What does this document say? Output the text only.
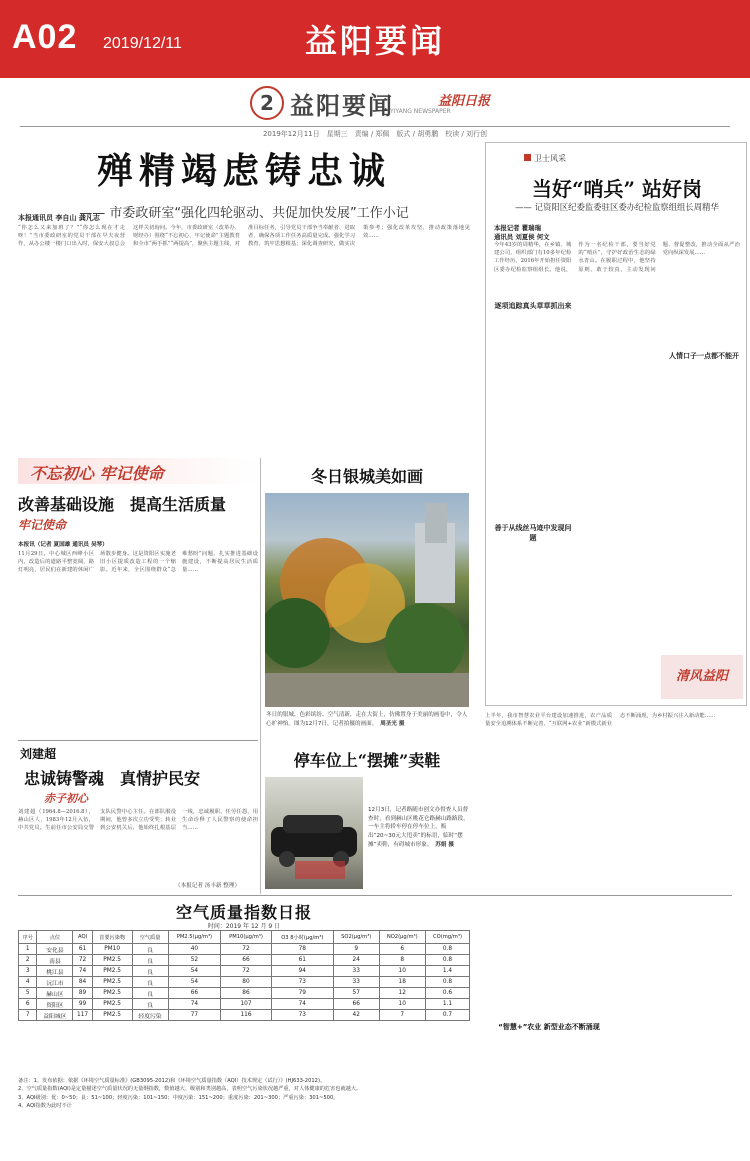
A02 2019/12/11	益阳要闻
2 益阳要闻
YIYANG NEWSPAPER
益阳日报
2019年12月11日　星期三　责编 / 郑佩　版式 / 胡勇鹏　校读 / 刘行创
殚精竭虑铸忠诚
—— 市委政研室“强化四轮驱动、共促加快发展”工作小记
本报通讯员 李自山 龚凡志
“你怎么又来加班了？”“你怎么现在才走呀！”当市委政研室的党员干部在早夫夜营作，从办公楼一楼门口出入时，保安大叔总会这样关切询问。今年，市委政研室（改革办、财经办）围绕“不忘初心、牢记使命”主题教育和全市“两手抓”“两提高”，聚焦主题主线，对准目标任务，引导党员干部争当奉献者、进取者，确保各项工作任务高质量完成。强化学习教育，筑牢思想根基；深化调查研究，做实决策参考；强化改革攻坚，推动政策落地见效……
卫士风采
当好“哨兵” 站好岗
—— 记资阳区纪委监委驻区委办纪检监察组组长周精华
本报记者 瞿瑞瑞
通讯员 刘夏侯 何文
今年43岁的周精华，在乡镇、城建公司、组织部门有10多年纪检工作经历，2016年开始担任资阳区委办纪检监察组组长。他说，作为一名纪检干部，要当好党的“哨兵”，守护好政治生态的绿水青山。在履职过程中，他坚持原则、敢于较真，主动发现问题、督促整改，推动全面从严治党向纵深发展……
逐项追踪真头草草抓出来
善于从线丝马迹中发现问题
人情口子一点都不能开
清风益阳
不忘初心 牢记使命
改善基础设施　提高生活质量
牢记使命
本报讯（记者 夏国雄 通讯员 吴琴）
11月29日，中心城区西峰小区内，改造后的道路平整宽阔，路灯明亮，居民们在新建的休闲广场散步健身。这是资阳区实施老旧小区提质改造工程的一个缩影。近年来，全区围绕群众“急难愁盼”问题，扎实推进基础设施建设，不断提高居民生活质量……
刘建超
忠诚铸警魂　真情护民安
赤子初心
刘建超（1964.8—2016.8），赫山区人，1983年12月入伍，中共党员。生前任市公安局交警支队民警中心主任。在部队服役期间，他曾多次立功受奖；转业到公安机关后，他始终扎根基层一线，忠诚履职、任劳任怨，用生命诠释了人民警察的使命担当……
（本报记者 汤丰新 整理）
冬日银城美如画
冬日的银城，色彩缤纷、空气清新，走在大街上，仿佛置身于美丽的画卷中，令人心旷神怡。图为12月7日，记者拍摄的画面。　 周圣光 摄
停车位上“摆摊”卖鞋
12月3日，记者路随市创文办督查人员督查时，看到赫山区桃花仑路赫山路路段，一车主将轿车停在停车位上，贩出“20~30元大甩卖”的标语，临时“摆摊”卖鞋，有碍城市形象。　 苏娟 摄
空气质量指数日报
时间：2019 年 12 月 9 日
序号	点位	AQI	首要污染物	空气质量	PM2.5(μg/m³)	PM10(μg/m³)	O3 8小时(μg/m³)	SO2(μg/m³)	NO2(μg/m³)	CO(mg/m³)
1	安化县	61	PM10	良	40	72	78	9	6	0.8
2	南县	72	PM2.5	良	52	66	61	24	8	0.8
3	桃江县	74	PM2.5	良	54	72	94	33	10	1.4
4	沅江市	84	PM2.5	良	54	80	73	33	18	0.8
5	赫山区	89	PM2.5	良	66	86	79	57	12	0.6
6	资阳区	99	PM2.5	良	74	107	74	66	10	1.1
7	益阳城区	117	PM2.5	轻度污染	77	116	73	42	7	0.7
备注：1、发布依据：依据《环境空气质量标准》(GB3095-2012)和《环境空气质量指数（AQI）技术规定（试行）》(HJ633-2012)。
2、空气质量指数(AQI)是定量描述空气质量状况的无量纲指数，数值越大、级别和类别越高，表明空气污染状况越严重，对人体健康的危害也就越大。
3、AQI级别：优：0~50；良：51~100；轻度污染：101~150；中度污染：151~200；重度污染：201~300；严重污染：301~500。
4、AQI指数为此时不计
上半年，我市智慧农业平台建设加速推进，农产品质量安全追溯体系不断完善，“互联网+农业”新模式新业态不断涌现，为乡村振兴注入新动能……
“智慧+”农业 新型业态不断涌现
